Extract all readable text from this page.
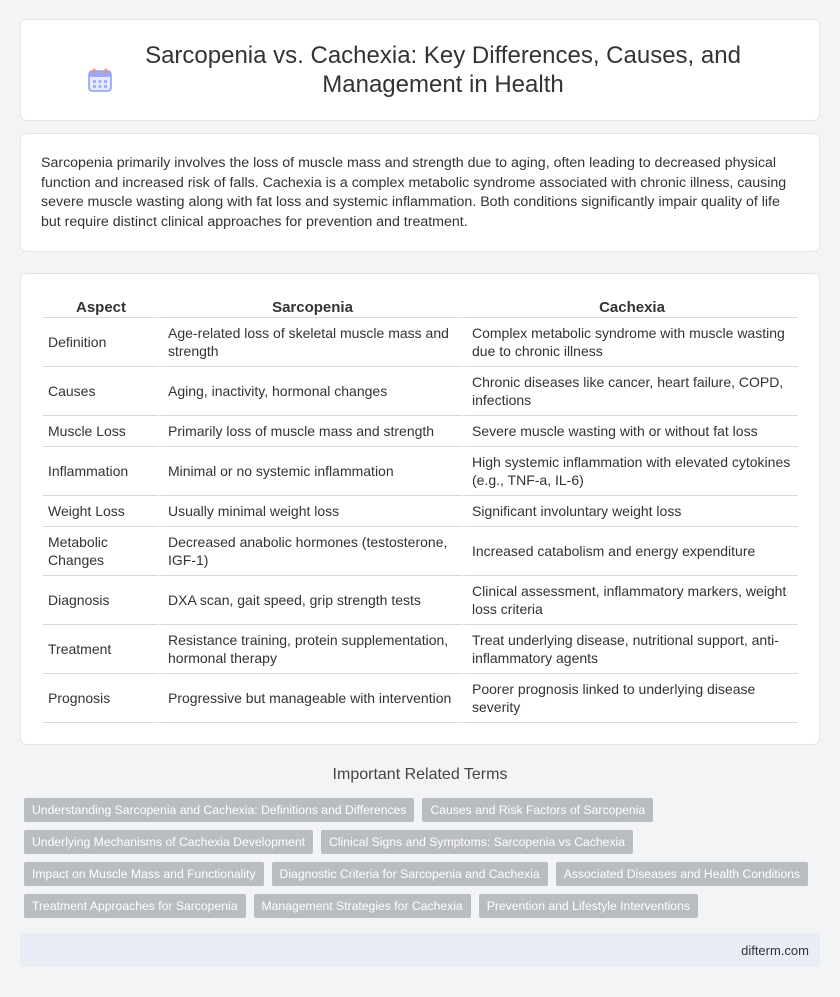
Sarcopenia vs. Cachexia: Key Differences, Causes, and Management in Health

Sarcopenia primarily involves the loss of muscle mass and strength due to aging, often leading to decreased physical function and increased risk of falls. Cachexia is a complex metabolic syndrome associated with chronic illness, causing severe muscle wasting along with fat loss and systemic inflammation. Both conditions significantly impair quality of life but require distinct clinical approaches for prevention and treatment.

Aspect	Sarcopenia	Cachexia
Definition	Age-related loss of skeletal muscle mass and strength	Complex metabolic syndrome with muscle wasting due to chronic illness
Causes	Aging, inactivity, hormonal changes	Chronic diseases like cancer, heart failure, COPD, infections
Muscle Loss	Primarily loss of muscle mass and strength	Severe muscle wasting with or without fat loss
Inflammation	Minimal or no systemic inflammation	High systemic inflammation with elevated cytokines (e.g., TNF-a, IL-6)
Weight Loss	Usually minimal weight loss	Significant involuntary weight loss
Metabolic Changes	Decreased anabolic hormones (testosterone, IGF-1)	Increased catabolism and energy expenditure
Diagnosis	DXA scan, gait speed, grip strength tests	Clinical assessment, inflammatory markers, weight loss criteria
Treatment	Resistance training, protein supplementation, hormonal therapy	Treat underlying disease, nutritional support, anti-inflammatory agents
Prognosis	Progressive but manageable with intervention	Poorer prognosis linked to underlying disease severity
Important Related Terms
Understanding Sarcopenia and Cachexia: Definitions and Differences	Causes and Risk Factors of Sarcopenia
Underlying Mechanisms of Cachexia Development	Clinical Signs and Symptoms: Sarcopenia vs Cachexia
Impact on Muscle Mass and Functionality	Diagnostic Criteria for Sarcopenia and Cachexia	Associated Diseases and Health Conditions
Treatment Approaches for Sarcopenia	Management Strategies for Cachexia	Prevention and Lifestyle Interventions
difterm.com
